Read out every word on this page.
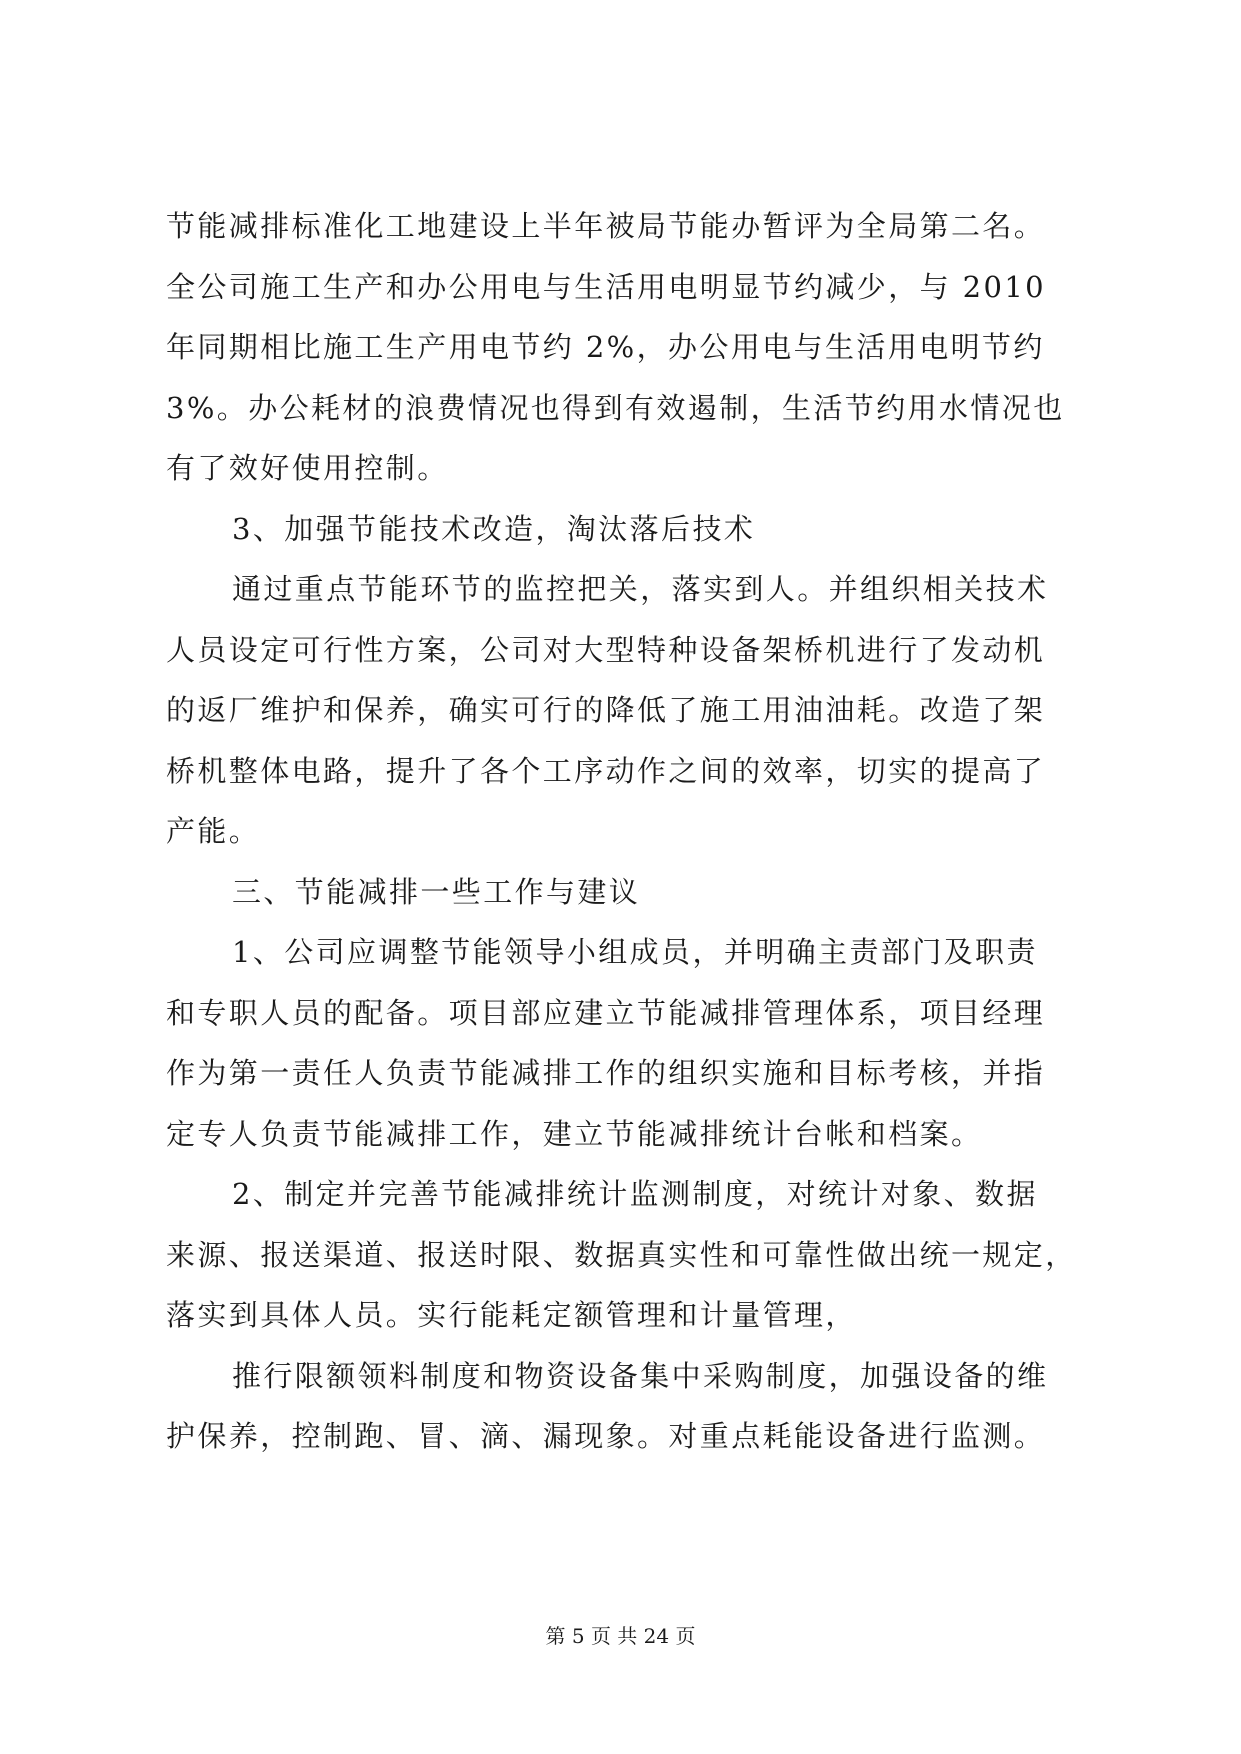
节能减排标准化工地建设上半年被局节能办暂评为全局第二名。
全公司施工生产和办公用电与生活用电明显节约减少，与 2010
年同期相比施工生产用电节约 2%，办公用电与生活用电明节约
3%。办公耗材的浪费情况也得到有效遏制，生活节约用水情况也
有了效好使用控制。
3、加强节能技术改造，淘汰落后技术
通过重点节能环节的监控把关，落实到人。并组织相关技术
人员设定可行性方案，公司对大型特种设备架桥机进行了发动机
的返厂维护和保养，确实可行的降低了施工用油油耗。改造了架
桥机整体电路，提升了各个工序动作之间的效率，切实的提高了
产能。
三、节能减排一些工作与建议
1、公司应调整节能领导小组成员，并明确主责部门及职责
和专职人员的配备。项目部应建立节能减排管理体系，项目经理
作为第一责任人负责节能减排工作的组织实施和目标考核，并指
定专人负责节能减排工作，建立节能减排统计台帐和档案。
2、制定并完善节能减排统计监测制度，对统计对象、数据
来源、报送渠道、报送时限、数据真实性和可靠性做出统一规定，
落实到具体人员。实行能耗定额管理和计量管理，
推行限额领料制度和物资设备集中采购制度，加强设备的维
护保养，控制跑、冒、滴、漏现象。对重点耗能设备进行监测。
第 5 页 共 24 页
